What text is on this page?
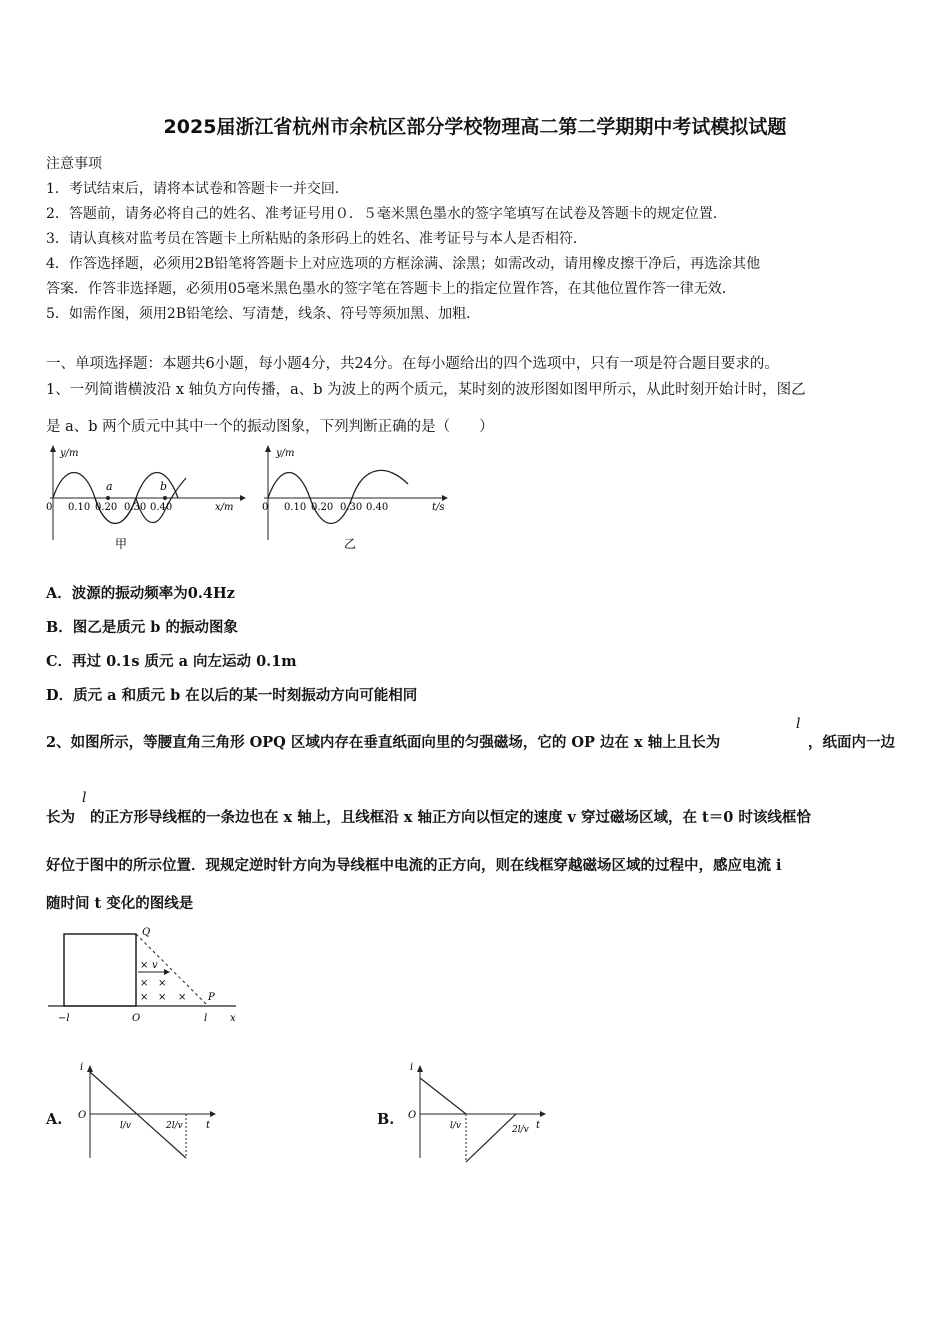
2025届浙江省杭州市余杭区部分学校物理高二第二学期期中考试模拟试题
注意事项
1．考试结束后，请将本试卷和答题卡一并交回．
2．答题前，请务必将自己的姓名、准考证号用０．５毫米黑色墨水的签字笔填写在试卷及答题卡的规定位置．
3．请认真核对监考员在答题卡上所粘贴的条形码上的姓名、准考证号与本人是否相符．
4．作答选择题，必须用2B铅笔将答题卡上对应选项的方框涂满、涂黑；如需改动，请用橡皮擦干净后，再选涂其他
答案．作答非选择题，必须用05毫米黑色墨水的签字笔在答题卡上的指定位置作答，在其他位置作答一律无效．
5．如需作图，须用2B铅笔绘、写清楚，线条、符号等须加黑、加粗．
一、单项选择题：本题共6小题，每小题4分，共24分。在每小题给出的四个选项中，只有一项是符合题目要求的。
1、一列简谐横波沿 x 轴负方向传播，a、b 为波上的两个质元，某时刻的波形图如图甲所示，从此时刻开始计时，图乙
是 a、b 两个质元中其中一个的振动图象，下列判断正确的是（　　）
a	b
y/m
x/m
0 0.10 0.20 0.30 0.40
甲
y/m
t/s
0 0.10 0.20 0.30 0.40
乙
A．波源的振动频率为0.4Hz
B．图乙是质元 b 的振动图象
C．再过 0.1s 质元 a 向左运动 0.1m
D．质元 a 和质元 b 在以后的某一时刻振动方向可能相同
2、如图所示，等腰直角三角形 OPQ 区域内存在垂直纸面向里的匀强磁场，它的 OP 边在 x 轴上且长为
l
，纸面内一边
长为
l
的正方形导线框的一条边也在 x 轴上，且线框沿 x 轴正方向以恒定的速度 v 穿过磁场区域，在 t＝0 时该线框恰
好位于图中的所示位置．现规定逆时针方向为导线框中电流的正方向，则在线框穿越磁场区域的过程中，感应电流 i
随时间 t 变化的图线是
×
× ×
× × ×
v
Q
P
−l	O	l x
A.
i
O
l/v	2l/v t	B.
i
O
l/v	2l/v t
